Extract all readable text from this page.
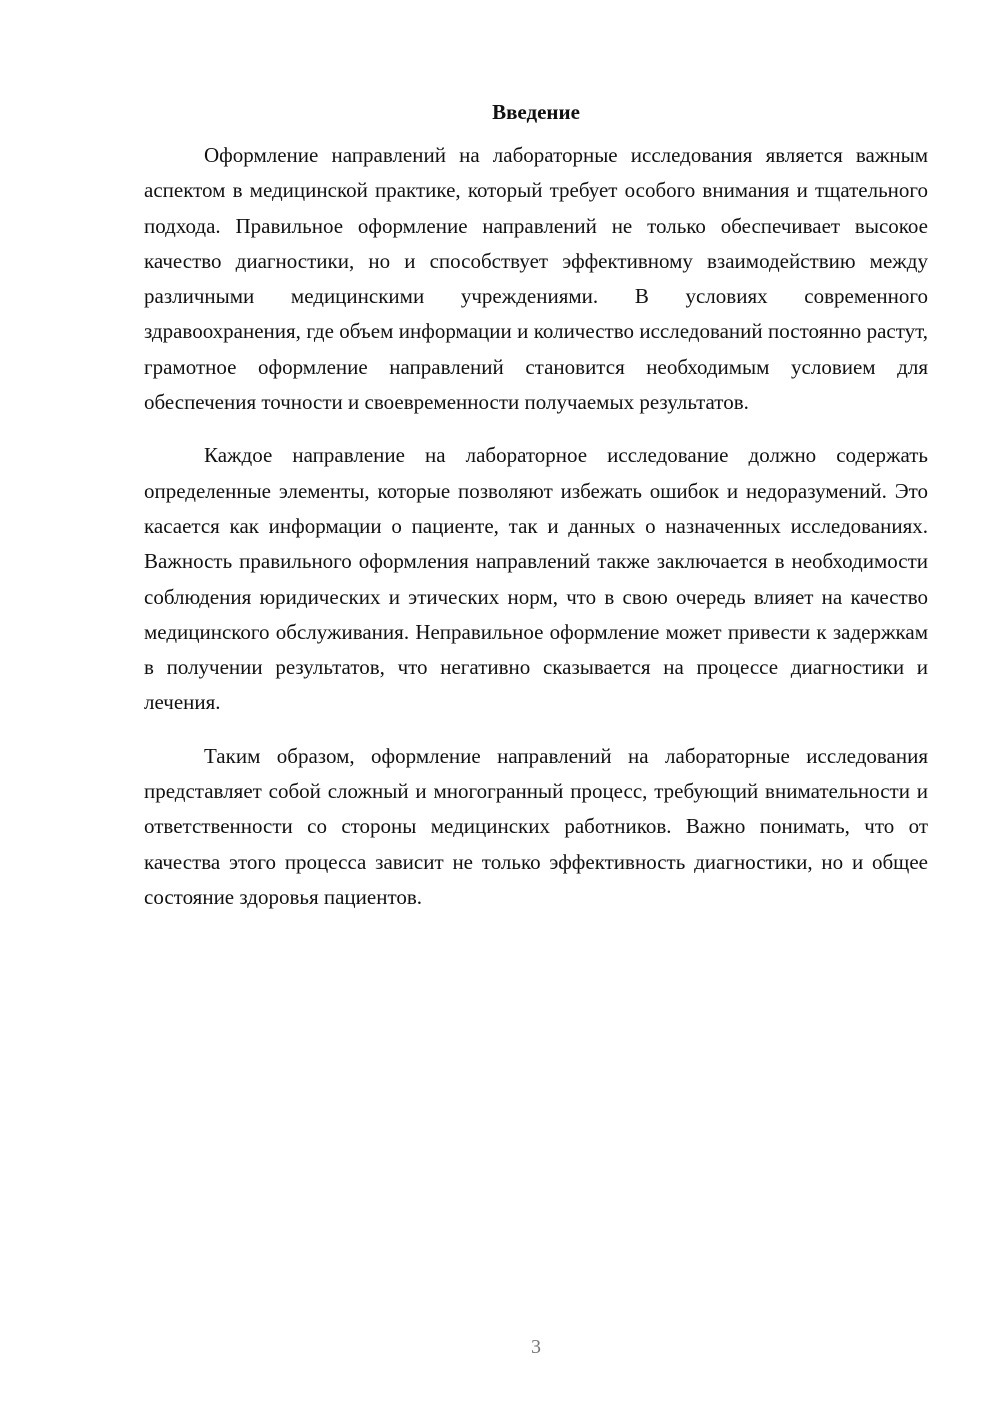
Введение

Оформление направлений на лабораторные исследования является важным аспектом в медицинской практике, который требует особого внимания и тщательного подхода. Правильное оформление направлений не только обеспечивает высокое качество диагностики, но и способствует эффективному взаимодействию между различными медицинскими учреждениями. В условиях современного здравоохранения, где объем информации и количество исследований постоянно растут, грамотное оформление направлений становится необходимым условием для обеспечения точности и своевременности получаемых результатов.

Каждое направление на лабораторное исследование должно содержать определенные элементы, которые позволяют избежать ошибок и недоразумений. Это касается как информации о пациенте, так и данных о назначенных исследованиях. Важность правильного оформления направлений также заключается в необходимости соблюдения юридических и этических норм, что в свою очередь влияет на качество медицинского обслуживания. Неправильное оформление может привести к задержкам в получении результатов, что негативно сказывается на процессе диагностики и лечения.

Таким образом, оформление направлений на лабораторные исследования представляет собой сложный и многогранный процесс, требующий внимательности и ответственности со стороны медицинских работников. Важно понимать, что от качества этого процесса зависит не только эффективность диагностики, но и общее состояние здоровья пациентов.

3
